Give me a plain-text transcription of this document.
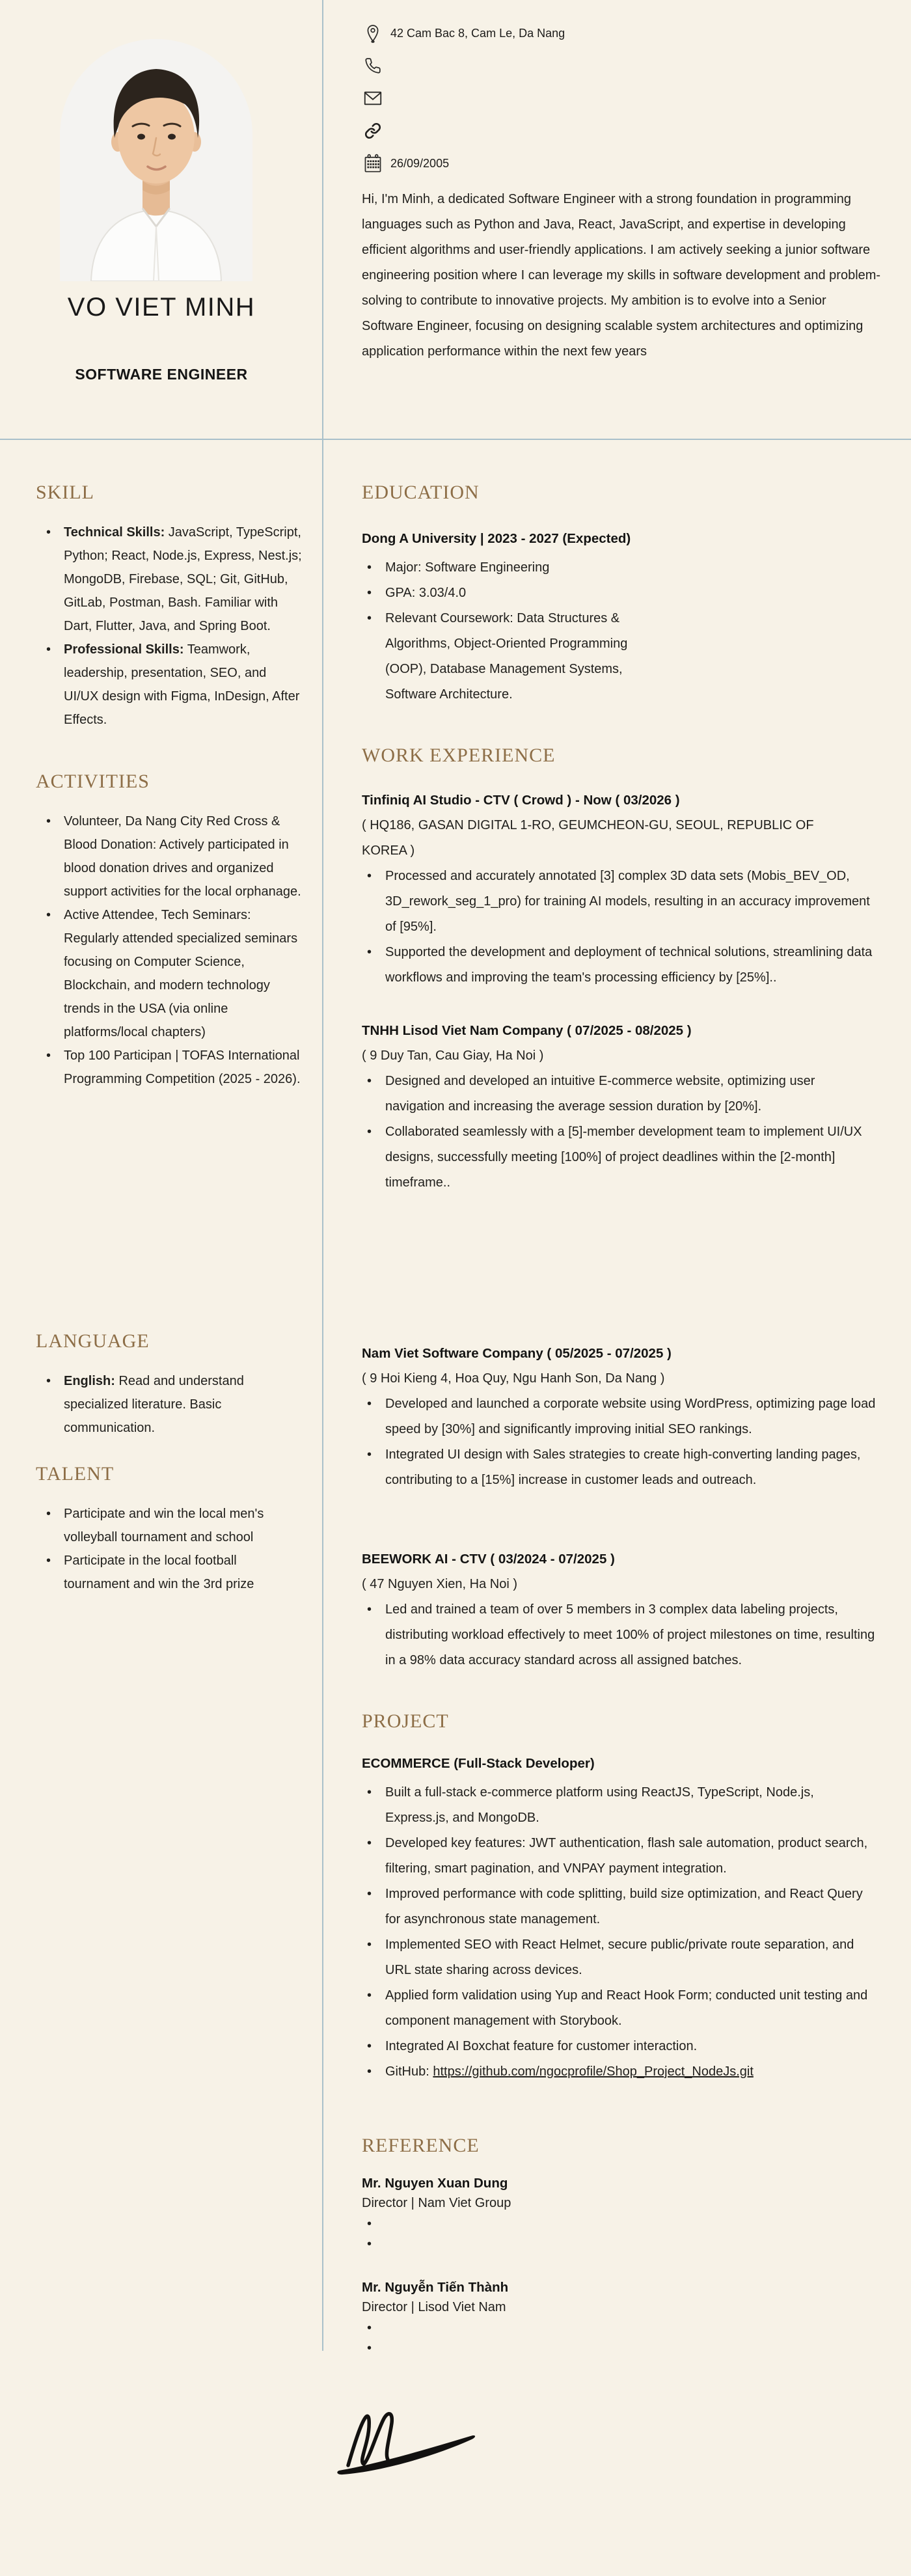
VO VIET MINH
SOFTWARE ENGINEER
SKILL
• Technical Skills: JavaScript, TypeScript, Python; React, Node.js, Express, Nest.js; MongoDB, Firebase, SQL; Git, GitHub, GitLab, Postman, Bash. Familiar with Dart, Flutter, Java, and Spring Boot.
• Professional Skills: Teamwork, leadership, presentation, SEO, and UI/UX design with Figma, InDesign, After Effects.
ACTIVITIES
• Volunteer, Da Nang City Red Cross & Blood Donation: Actively participated in blood donation drives and organized support activities for the local orphanage.
• Active Attendee, Tech Seminars: Regularly attended specialized seminars focusing on Computer Science, Blockchain, and modern technology trends in the USA (via online platforms/local chapters)
• Top 100 Participan | TOFAS International Programming Competition (2025 - 2026).
LANGUAGE
• English: Read and understand specialized literature. Basic communication.
TALENT
• Participate and win the local men's volleyball tournament and school
• Participate in the local football tournament and win the 3rd prize
42 Cam Bac 8, Cam Le, Da Nang
26/09/2005

Hi, I'm Minh, a dedicated Software Engineer with a strong foundation in programming languages such as Python and Java, React, JavaScript, and expertise in developing efficient algorithms and user-friendly applications. I am actively seeking a junior software engineering position where I can leverage my skills in software development and problem-solving to contribute to innovative projects. My ambition is to evolve into a Senior Software Engineer, focusing on designing scalable system architectures and optimizing application performance within the next few years

EDUCATION
Dong A University | 2023 - 2027 (Expected)
• Major: Software Engineering
• GPA: 3.03/4.0
• Relevant Coursework: Data Structures & Algorithms, Object-Oriented Programming (OOP), Database Management Systems, Software Architecture.
WORK EXPERIENCE
Tinfiniq AI Studio - CTV ( Crowd ) - Now ( 03/2026 )
( HQ186, GASAN DIGITAL 1-RO, GEUMCHEON-GU, SEOUL, REPUBLIC OF KOREA )
• Processed and accurately annotated [3] complex 3D data sets (Mobis_BEV_OD, 3D_rework_seg_1_pro) for training AI models, resulting in an accuracy improvement of [95%].
• Supported the development and deployment of technical solutions, streamlining data workflows and improving the team's processing efficiency by [25%]..
TNHH Lisod Viet Nam Company ( 07/2025 - 08/2025 )
( 9 Duy Tan, Cau Giay, Ha Noi )
• Designed and developed an intuitive E-commerce website, optimizing user navigation and increasing the average session duration by [20%].
• Collaborated seamlessly with a [5]-member development team to implement UI/UX designs, successfully meeting [100%] of project deadlines within the [2-month] timeframe..
Nam Viet Software Company ( 05/2025 - 07/2025 )
( 9 Hoi Kieng 4, Hoa Quy, Ngu Hanh Son, Da Nang )
• Developed and launched a corporate website using WordPress, optimizing page load speed by [30%] and significantly improving initial SEO rankings.
• Integrated UI design with Sales strategies to create high-converting landing pages, contributing to a [15%] increase in customer leads and outreach.
BEEWORK AI - CTV ( 03/2024 - 07/2025 )
( 47 Nguyen Xien, Ha Noi )
• Led and trained a team of over 5 members in 3 complex data labeling projects, distributing workload effectively to meet 100% of project milestones on time, resulting in a 98% data accuracy standard across all assigned batches.
PROJECT
ECOMMERCE (Full-Stack Developer)
• Built a full-stack e-commerce platform using ReactJS, TypeScript, Node.js, Express.js, and MongoDB.
• Developed key features: JWT authentication, flash sale automation, product search, filtering, smart pagination, and VNPAY payment integration.
• Improved performance with code splitting, build size optimization, and React Query for asynchronous state management.
• Implemented SEO with React Helmet, secure public/private route separation, and URL state sharing across devices.
• Applied form validation using Yup and React Hook Form; conducted unit testing and component management with Storybook.
• Integrated AI Boxchat feature for customer interaction.
• GitHub: https://github.com/ngocprofile/Shop_Project_NodeJs.git
REFERENCE
Mr. Nguyen Xuan Dung
Director | Nam Viet Group
•
•
Mr. Nguyễn Tiến Thành
Director | Lisod Viet Nam
•
•
